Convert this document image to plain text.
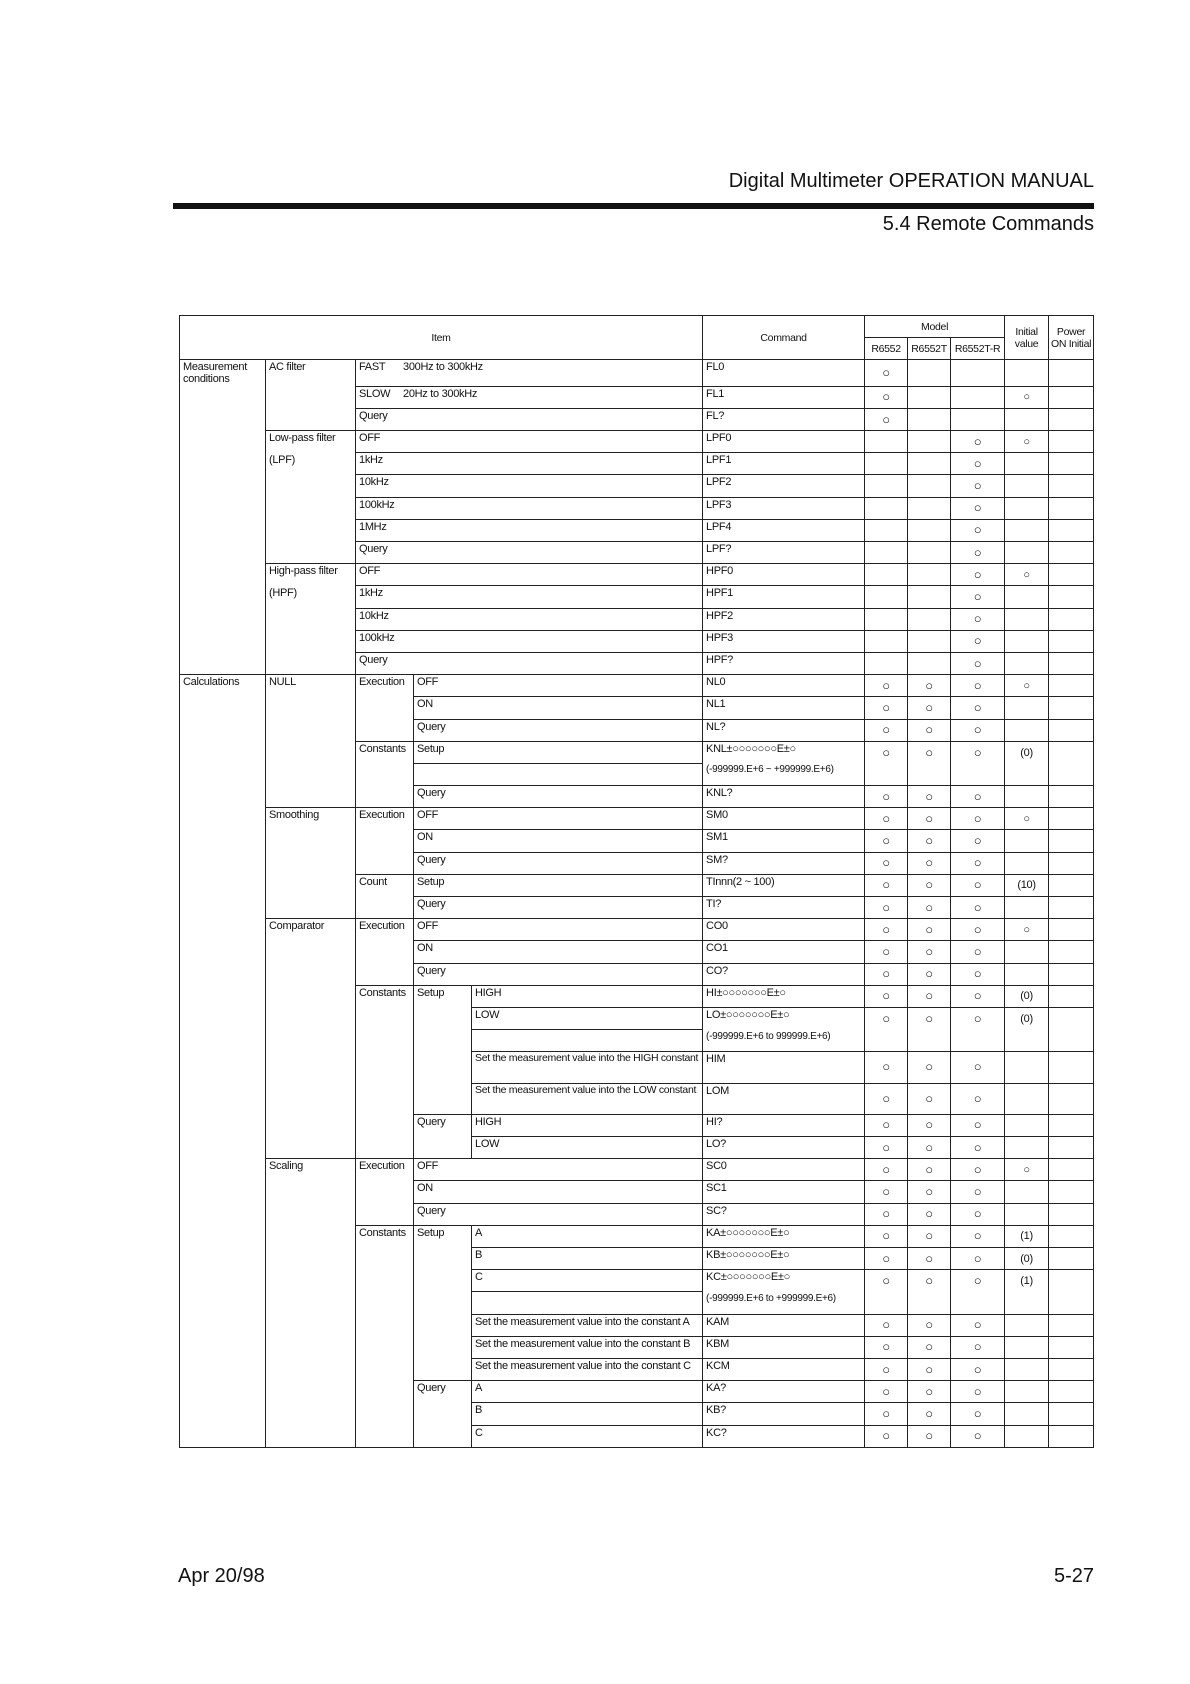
Digital Multimeter OPERATION MANUAL
5.4 Remote Commands
Item					Command	Model			Initial value	Power ON Initial
						R6552	R6552T	R6552T-R		
Measurement conditions	AC filter	FAST 300Hz to 300kHz			FL0	○				
		SLOW 20Hz to 300kHz			FL1	○			○	
		Query			FL?	○				
	Low-pass filter	OFF			LPF0			○	○	
	(LPF)	1kHz			LPF1			○		
		10kHz			LPF2			○		
		100kHz			LPF3			○		
		1MHz			LPF4			○		
		Query			LPF?			○		
	High-pass filter	OFF			HPF0			○	○	
	(HPF)	1kHz			HPF1			○		
		10kHz			HPF2			○		
		100kHz			HPF3			○		
		Query			HPF?			○		
Calculations	NULL	Execution	OFF		NL0	○	○	○	○	
			ON		NL1	○	○	○		
			Query		NL?	○	○	○		
		Constants	Setup		KNL±○○○○○○○E±○	○	○	○	(0)	
					(-999999.E+6 ~ +999999.E+6)					
			Query		KNL?	○	○	○		
	Smoothing	Execution	OFF		SM0	○	○	○	○	
			ON		SM1	○	○	○		
			Query		SM?	○	○	○		
		Count	Setup		TInnn(2 ~ 100)	○	○	○	(10)	
			Query		TI?	○	○	○		
	Comparator	Execution	OFF		CO0	○	○	○	○	
			ON		CO1	○	○	○		
			Query		CO?	○	○	○		
		Constants	Setup	HIGH	HI±○○○○○○○E±○	○	○	○	(0)	
				LOW	LO±○○○○○○○E±○	○	○	○	(0)	
					(-999999.E+6 to 999999.E+6)					
				Set the measurement value into the HIGH constant	HIM	○	○	○		
				Set the measurement value into the LOW constant	LOM	○	○	○		
			Query	HIGH	HI?	○	○	○		
				LOW	LO?	○	○	○		
	Scaling	Execution	OFF		SC0	○	○	○	○	
			ON		SC1	○	○	○		
			Query		SC?	○	○	○		
		Constants	Setup	A	KA±○○○○○○○E±○	○	○	○	(1)	
				B	KB±○○○○○○○E±○	○	○	○	(0)	
				C	KC±○○○○○○○E±○	○	○	○	(1)	
					(-999999.E+6 to +999999.E+6)					
				Set the measurement value into the constant A	KAM	○	○	○		
				Set the measurement value into the constant B	KBM	○	○	○		
				Set the measurement value into the constant C	KCM	○	○	○		
			Query	A	KA?	○	○	○		
				B	KB?	○	○	○		
				C	KC?	○	○	○		
Apr 20/98	5-27
